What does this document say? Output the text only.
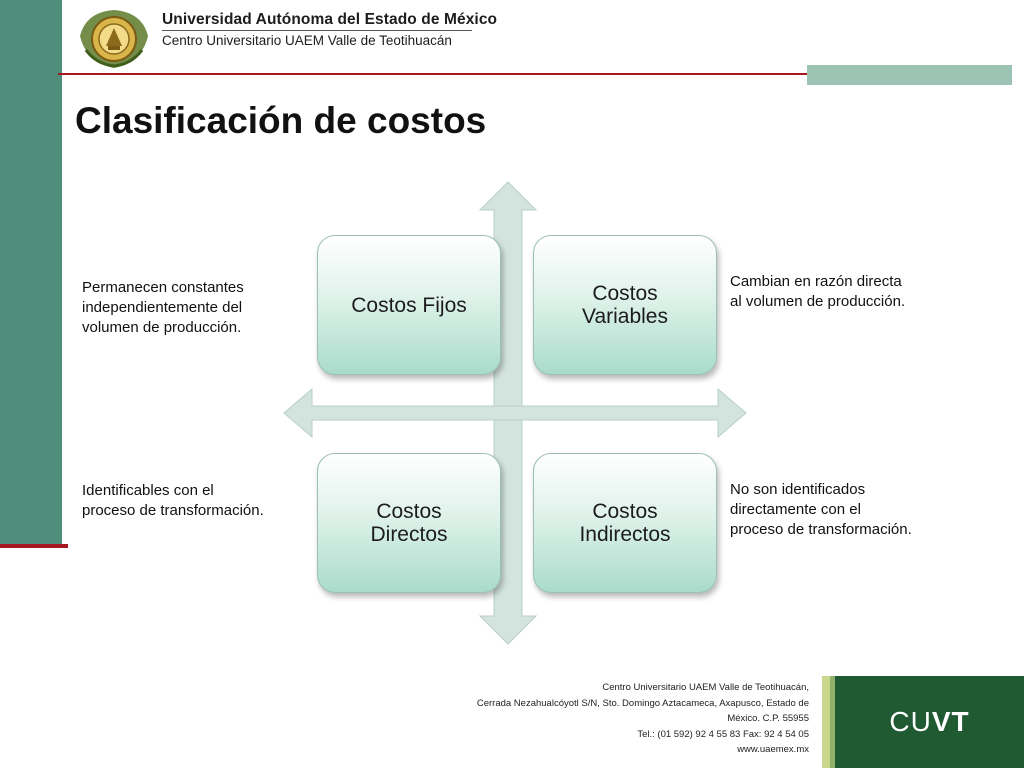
Universidad Autónoma del Estado de México
Centro Universitario UAEM Valle de Teotihuacán
Clasificación de costos
Costos Fijos	Costos
Variables
Costos
Directos
Costos
Indirectos
Permanecen constantes
independientemente del
volumen de producción.
Cambian en razón directa
al volumen de producción.
Identificables con el
proceso de transformación.
No son identificados
directamente con el
proceso de transformación.
Centro Universitario UAEM Valle de Teotihuacán,
Cerrada Nezahualcóyotl S/N, Sto. Domingo Aztacameca, Axapusco, Estado de
México. C.P. 55955
Tel.: (01 592) 92 4 55 83 Fax: 92 4 54 05
www.uaemex.mx
CUVT
